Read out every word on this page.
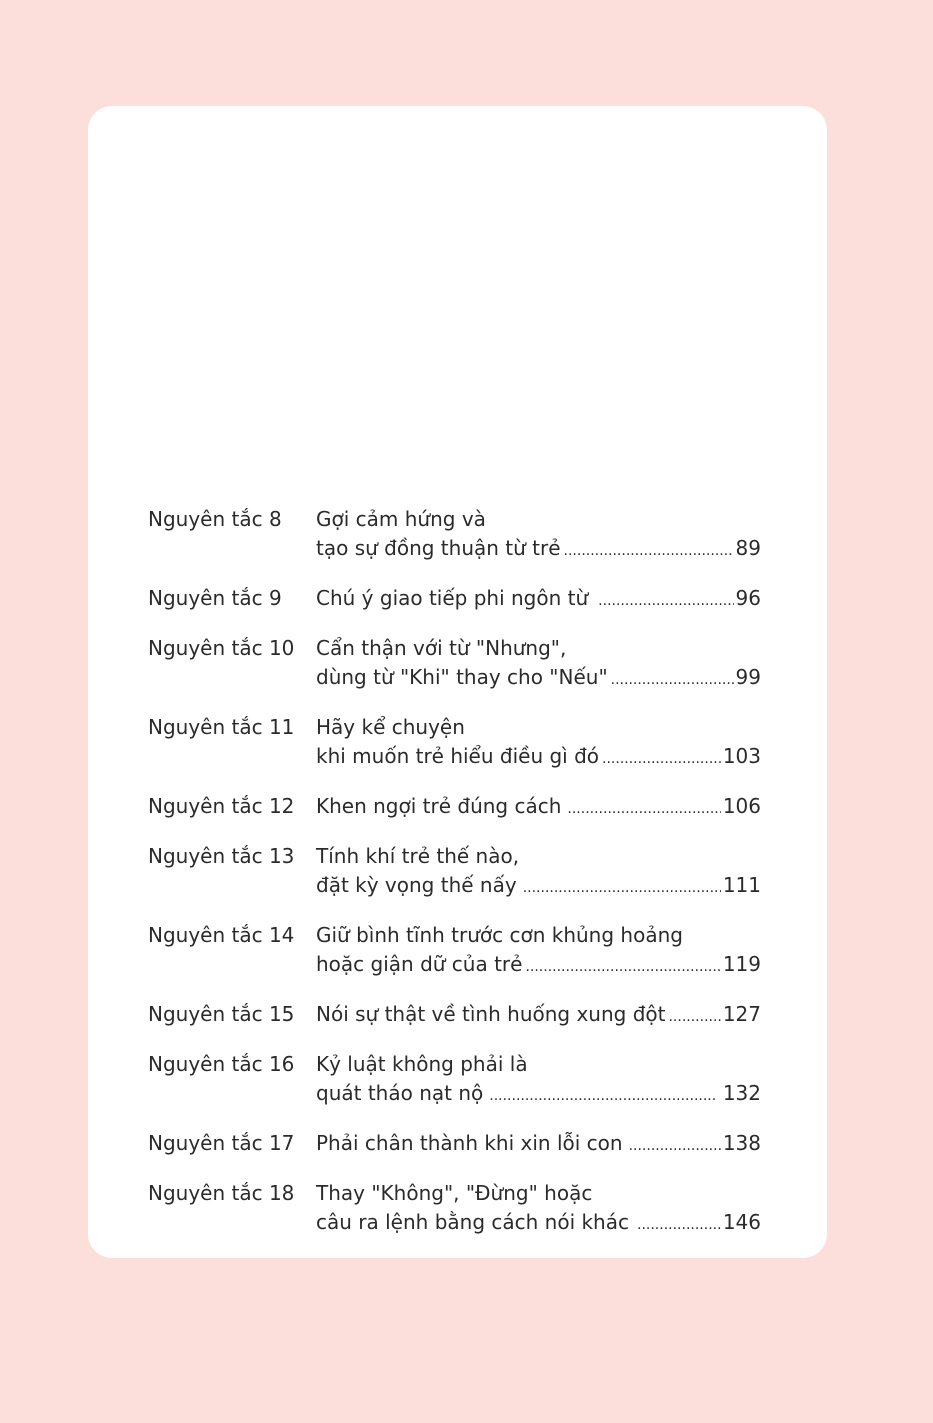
Nguyên tắc 8	Gợi cảm hứng và
tạo sự đồng thuận từ trẻ .....	89
Nguyên tắc 9	Chú ý giao tiếp phi ngôn từ .....	96
Nguyên tắc 10	Cẩn thận với từ "Nhưng",
dùng từ "Khi" thay cho "Nếu" .....	99
Nguyên tắc 11	Hãy kể chuyện
khi muốn trẻ hiểu điều gì đó .....	103
Nguyên tắc 12	Khen ngợi trẻ đúng cách .....	106
Nguyên tắc 13	Tính khí trẻ thế nào,
đặt kỳ vọng thế nấy .....	111
Nguyên tắc 14	Giữ bình tĩnh trước cơn khủng hoảng
hoặc giận dữ của trẻ .....	119
Nguyên tắc 15	Nói sự thật về tình huống xung đột .....	127
Nguyên tắc 16	Kỷ luật không phải là
quát tháo nạt nộ .....	132
Nguyên tắc 17	Phải chân thành khi xin lỗi con .....	138
Nguyên tắc 18	Thay "Không", "Đừng" hoặc
câu ra lệnh bằng cách nói khác .....	146
